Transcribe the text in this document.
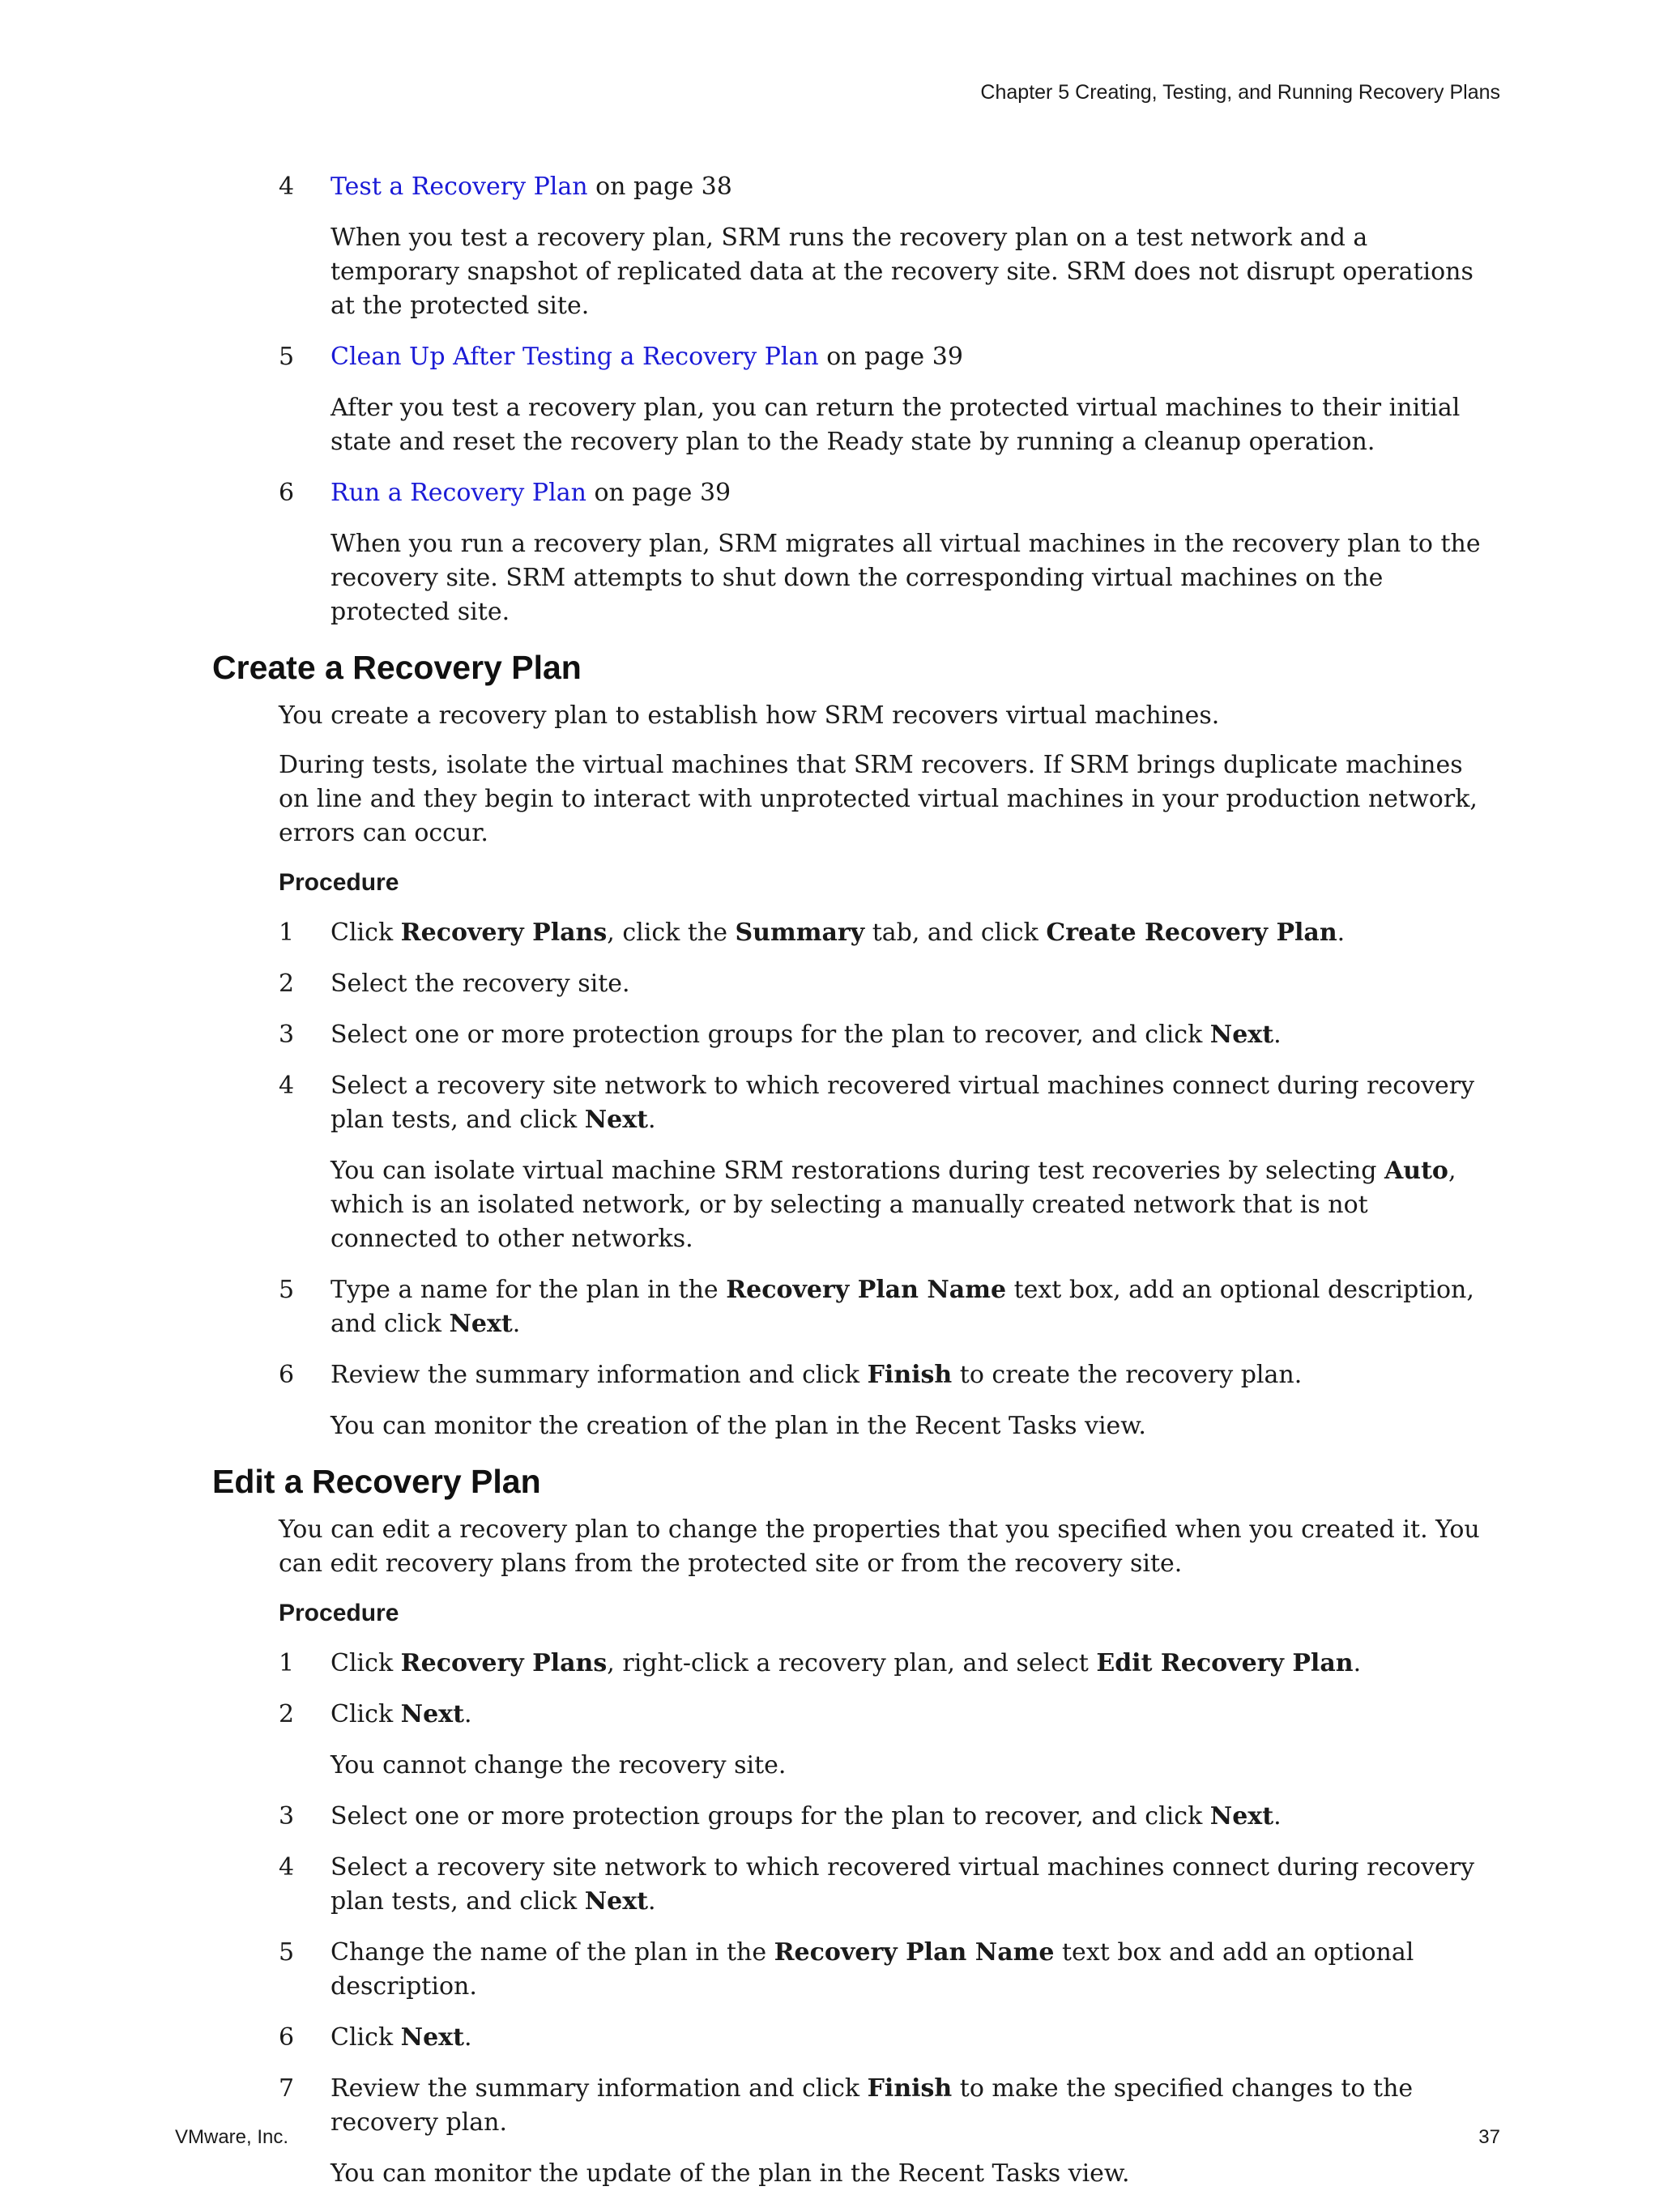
Chapter 5 Creating, Testing, and Running Recovery Plans
4 Test a Recovery Plan on page 38

When you test a recovery plan, SRM runs the recovery plan on a test network and a temporary snapshot of replicated data at the recovery site. SRM does not disrupt operations at the protected site.

5 Clean Up After Testing a Recovery Plan on page 39

After you test a recovery plan, you can return the protected virtual machines to their initial state and reset the recovery plan to the Ready state by running a cleanup operation.

6 Run a Recovery Plan on page 39

When you run a recovery plan, SRM migrates all virtual machines in the recovery plan to the recovery site. SRM attempts to shut down the corresponding virtual machines on the protected site.

Create a Recovery Plan

You create a recovery plan to establish how SRM recovers virtual machines.

During tests, isolate the virtual machines that SRM recovers. If SRM brings duplicate machines on line and they begin to interact with unprotected virtual machines in your production network, errors can occur.

Procedure
1 Click Recovery Plans, click the Summary tab, and click Create Recovery Plan.

2 Select the recovery site.

3 Select one or more protection groups for the plan to recover, and click Next.

4 Select a recovery site network to which recovered virtual machines connect during recovery plan tests, and click Next.

You can isolate virtual machine SRM restorations during test recoveries by selecting Auto, which is an isolated network, or by selecting a manually created network that is not connected to other networks.

5 Type a name for the plan in the Recovery Plan Name text box, add an optional description, and click Next.

6 Review the summary information and click Finish to create the recovery plan.

You can monitor the creation of the plan in the Recent Tasks view.

Edit a Recovery Plan

You can edit a recovery plan to change the properties that you specified when you created it. You can edit recovery plans from the protected site or from the recovery site.

Procedure
1 Click Recovery Plans, right-click a recovery plan, and select Edit Recovery Plan.

2 Click Next.

You cannot change the recovery site.

3 Select one or more protection groups for the plan to recover, and click Next.

4 Select a recovery site network to which recovered virtual machines connect during recovery plan tests, and click Next.

5 Change the name of the plan in the Recovery Plan Name text box and add an optional description.

6 Click Next.

7 Review the summary information and click Finish to make the specified changes to the recovery plan.

You can monitor the update of the plan in the Recent Tasks view.

VMware, Inc.	37
